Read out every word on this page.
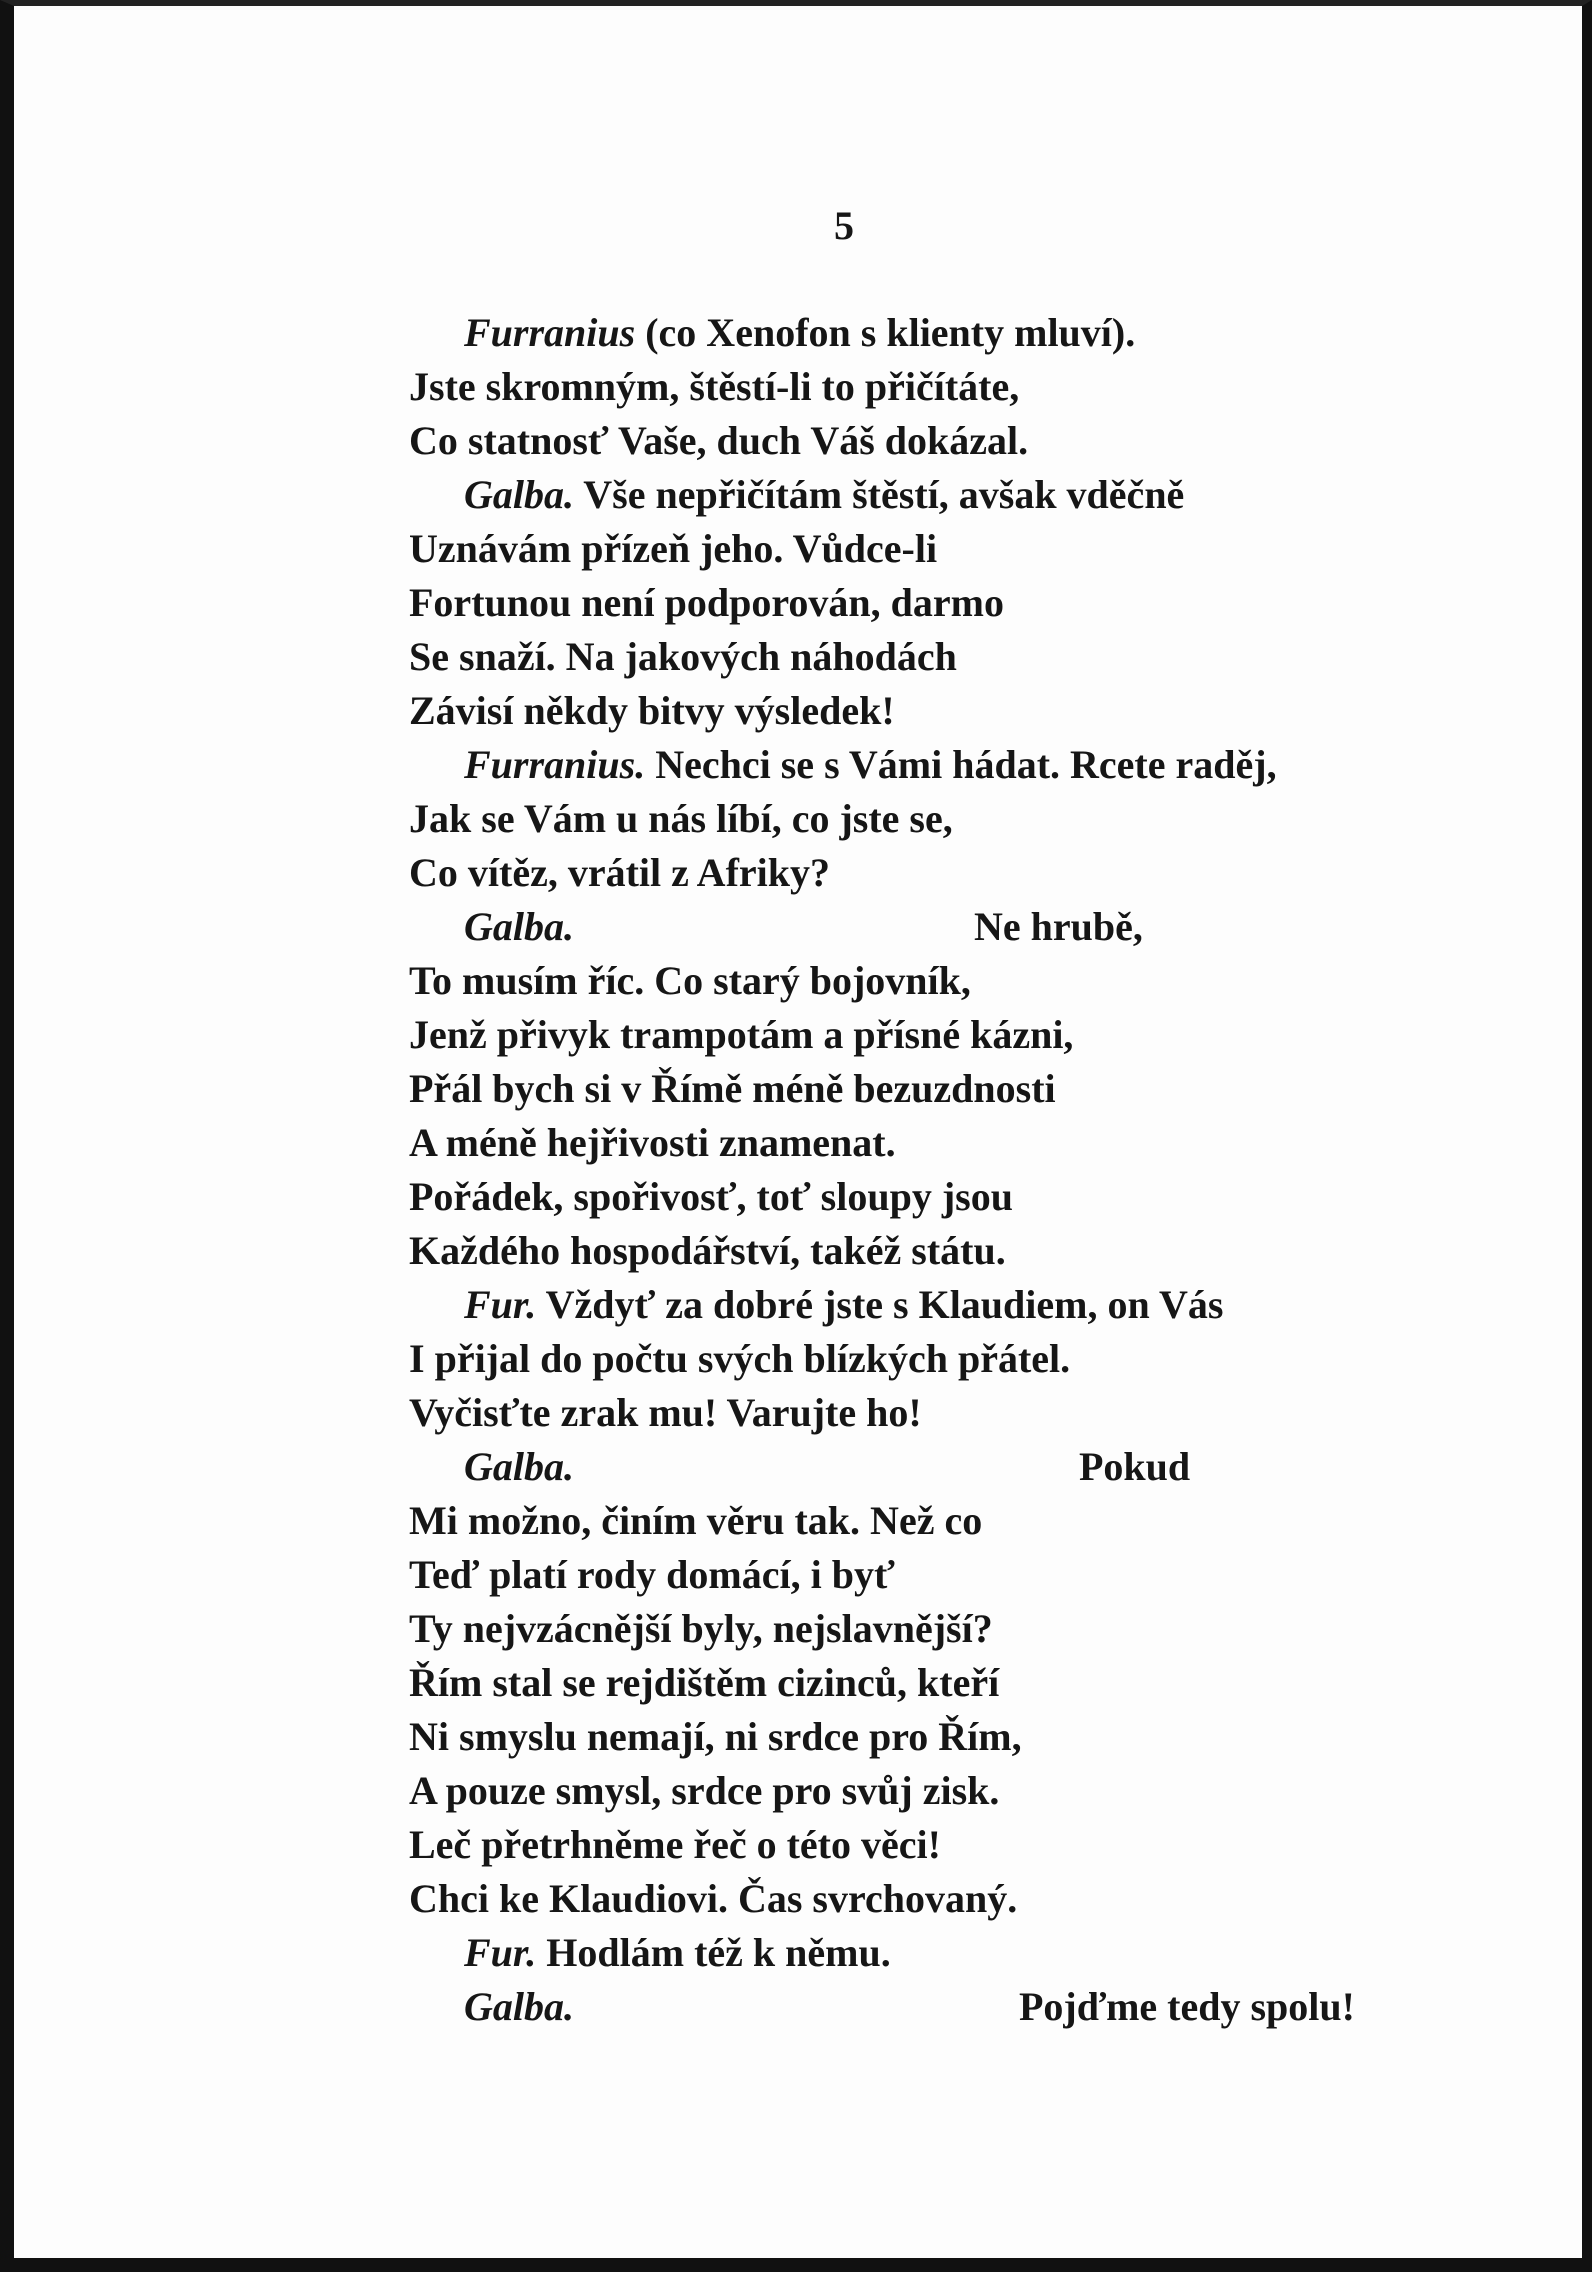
5
Furranius (co Xenofon s klienty mluví).
Jste skromným, štěstí-li to přičítáte,
Co statnosť Vaše, duch Váš dokázal.
Galba. Vše nepřičítám štěstí, avšak vděčně
Uznávám přízeň jeho. Vůdce-li
Fortunou není podporován, darmo
Se snaží. Na jakových náhodách
Závisí někdy bitvy výsledek!
Furranius. Nechci se s Vámi hádat. Rcete raděj,
Jak se Vám u nás líbí, co jste se,
Co vítěz, vrátil z Afriky?
Galba.	Ne hrubě,
To musím říc. Co starý bojovník,
Jenž přivyk trampotám a přísné kázni,
Přál bych si v Římě méně bezuzdnosti
A méně hejřivosti znamenat.
Pořádek, spořivosť, toť sloupy jsou
Každého hospodářství, takéž státu.
Fur. Vždyť za dobré jste s Klaudiem, on Vás
I přijal do počtu svých blízkých přátel.
Vyčisťte zrak mu! Varujte ho!
Galba.	Pokud
Mi možno, činím věru tak. Než co
Teď platí rody domácí, i byť
Ty nejvzácnější byly, nejslavnější?
Řím stal se rejdištěm cizinců, kteří
Ni smyslu nemají, ni srdce pro Řím,
A pouze smysl, srdce pro svůj zisk.
Leč přetrhněme řeč o této věci!
Chci ke Klaudiovi. Čas svrchovaný.
Fur. Hodlám též k němu.
Galba.	Pojďme tedy spolu!
